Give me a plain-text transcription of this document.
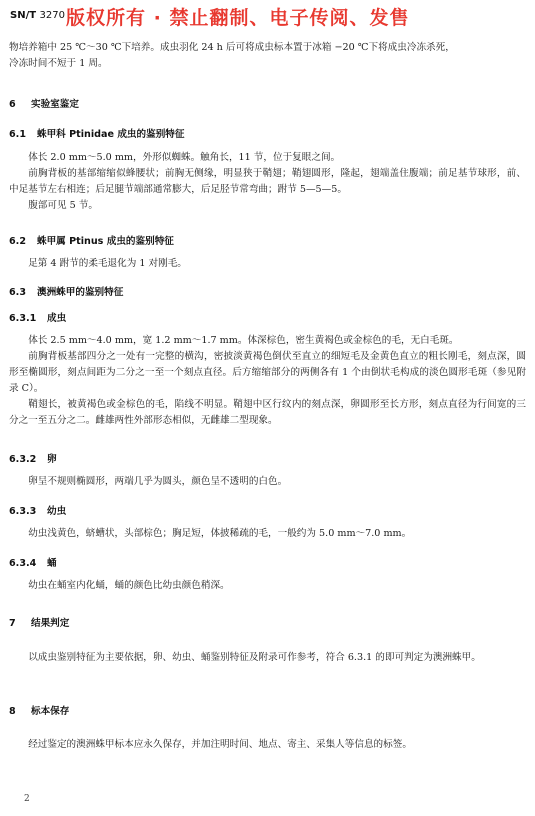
SN/T 3270 版权所有 · 禁止翻制、电子传阅、发售

物培养箱中 25 ℃～30 ℃下培养。成虫羽化 24 h 后可将成虫标本置于冰箱 −20 ℃下将成虫冷冻杀死，

冷冻时间不短于 1 周。

6 实验室鉴定
6.1 蛛甲科 Ptinidae 成虫的鉴别特征

体长 2.0 mm～5.0 mm，外形似蜘蛛。触角长，11 节，位于复眼之间。

前胸背板的基部缩缩似蜂腰状；前胸无侧缘，明显狭于鞘翅；鞘翅圆形，隆起，翅端盖住腹端；前足基节球形，前、中足基节左右相连；后足腿节端部通常膨大，后足胫节常弯曲；跗节 5—5—5。

腹部可见 5 节。

6.2 蛛甲属 Ptinus 成虫的鉴别特征

足第 4 跗节的柔毛退化为 1 对刚毛。

6.3 澳洲蛛甲的鉴别特征
6.3.1 成虫

体长 2.5 mm～4.0 mm，宽 1.2 mm～1.7 mm。体深棕色，密生黄褐色或金棕色的毛，无白毛斑。

前胸背板基部四分之一处有一完整的横沟，密披淡黄褐色倒伏至直立的细短毛及金黄色直立的粗长刚毛，刻点深，圆形至椭圆形，刻点间距为二分之一至一个刻点直径。后方缩缩部分的两侧各有 1 个由倒状毛构成的淡色圆形毛斑（参见附录 C）。

鞘翅长，被黄褐色或金棕色的毛，陷线不明显。鞘翅中区行纹内的刻点深，卵圆形至长方形，刻点直径为行间宽的三分之一至五分之二。雌雄两性外部形态相似，无雌雄二型现象。

6.3.2 卵

卵呈不规则椭圆形，两端几乎为圆头，颜色呈不透明的白色。

6.3.3 幼虫

幼虫浅黄色，蛴螬状，头部棕色；胸足短，体披稀疏的毛，一般约为 5.0 mm～7.0 mm。

6.3.4 蛹

幼虫在蛹室内化蛹，蛹的颜色比幼虫颜色稍深。

7 结果判定

以成虫鉴别特征为主要依据，卵、幼虫、蛹鉴别特征及附录可作参考，符合 6.3.1 的即可判定为澳洲蛛甲。

8 标本保存

经过鉴定的澳洲蛛甲标本应永久保存，并加注明时间、地点、寄主、采集人等信息的标签。

2
